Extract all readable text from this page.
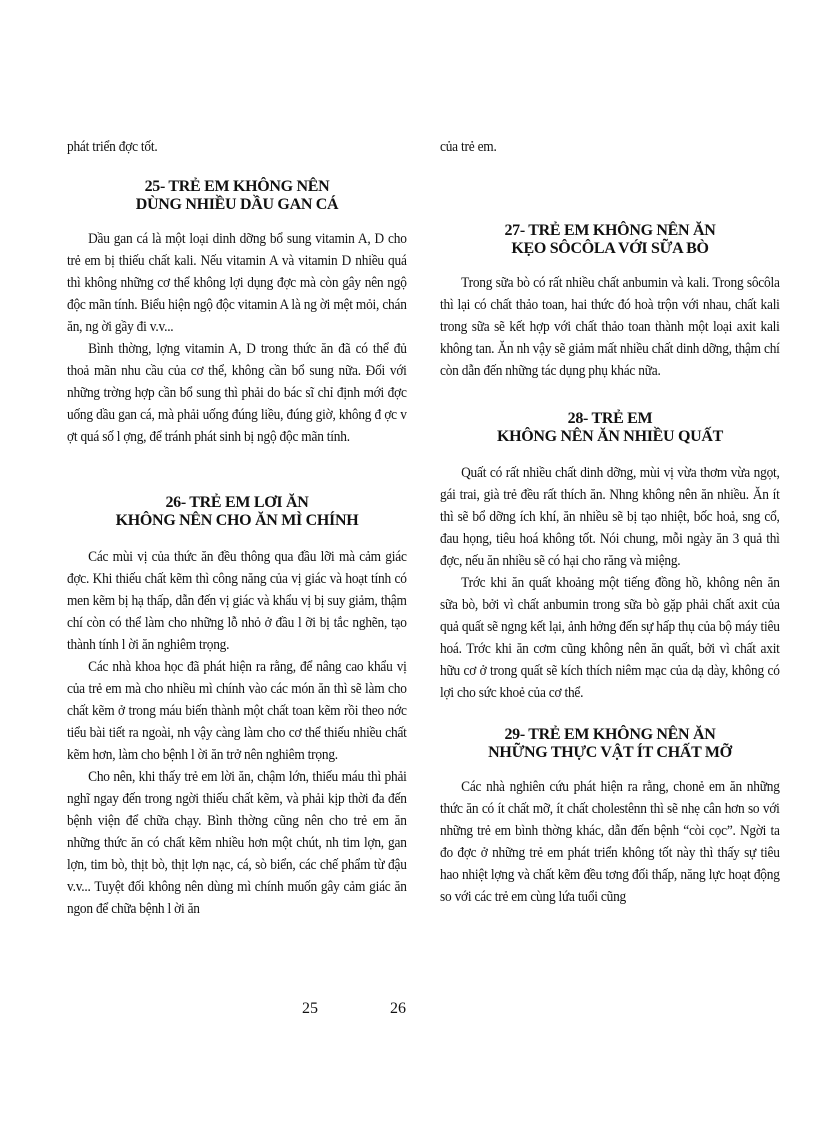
phát triển đợc tốt.

25- TRẺ EM KHÔNG NÊN
DÙNG NHIỀU DẦU GAN CÁ

Dầu gan cá là một loại dinh dỡng bổ sung vitamin A, D cho trẻ em bị thiếu chất kali. Nếu vitamin A và vitamin D nhiều quá thì không những cơ thể không lợi dụng đợc mà còn gây nên ngộ độc mãn tính. Biểu hiện ngộ độc vitamin A là ng ời mệt mỏi, chán ăn, ng ời gầy đi v.v...

Bình thờng, lợng vitamin A, D trong thức ăn đã có thể đủ thoả mãn nhu cầu của cơ thể, không cần bổ sung nữa. Đối với những trờng hợp cần bổ sung thì phải do bác sĩ chỉ định mới đợc uống dầu gan cá, mà phải uống đúng liều, đúng giờ, không đ ợc v ợt quá số l ợng, để tránh phát sinh bị ngộ độc mãn tính.

26- TRẺ EM LƠI ĂN
KHÔNG NÊN CHO ĂN MÌ CHÍNH

Các mùi vị của thức ăn đều thông qua đầu lỡi mà cảm giác đợc. Khi thiếu chất kẽm thì công năng của vị giác và hoạt tính có men kẽm bị hạ thấp, dẫn đến vị giác và khẩu vị bị suy giảm, thậm chí còn có thể làm cho những lỗ nhỏ ở đầu l ỡi bị tắc nghẽn, tạo thành tính l ời ăn nghiêm trọng.

Các nhà khoa học đã phát hiện ra rằng, để nâng cao khẩu vị của trẻ em mà cho nhiều mì chính vào các món ăn thì sẽ làm cho chất kẽm ở trong máu biến thành một chất toan kẽm rồi theo nớc tiểu bài tiết ra ngoài, nh vậy càng làm cho cơ thể thiếu nhiều chất kẽm hơn, làm cho bệnh l ời ăn trở nên nghiêm trọng.

Cho nên, khi thấy trẻ em lời ăn, chậm lớn, thiếu máu thì phải nghĩ ngay đến trong ngời thiếu chất kẽm, và phải kịp thời đa đến bệnh viện để chữa chạy. Bình thờng cũng nên cho trẻ em ăn những thức ăn có chất kẽm nhiều hơn một chút, nh tim lợn, gan lợn, tim bò, thịt bò, thịt lợn nạc, cá, sò biển, các chế phẩm từ đậu v.v... Tuyệt đối không nên dùng mì chính muốn gây cảm giác ăn ngon để chữa bệnh l ời ăn

của trẻ em.

27- TRẺ EM KHÔNG NÊN ĂN
KẸO SÔCÔLA VỚI SỮA BÒ

Trong sữa bò có rất nhiều chất anbumin và kali. Trong sôcôla thì lại có chất thảo toan, hai thức đó hoà trộn với nhau, chất kali trong sữa sẽ kết hợp với chất thảo toan thành một loại axit kali không tan. Ăn nh vậy sẽ giảm mất nhiều chất dinh dỡng, thậm chí còn dẫn đến những tác dụng phụ khác nữa.

28- TRẺ EM
KHÔNG NÊN ĂN NHIỀU QUẤT

Quất có rất nhiều chất dinh dỡng, mùi vị vừa thơm vừa ngọt, gái trai, già trẻ đều rất thích ăn. Nhng không nên ăn nhiều. Ăn ít thì sẽ bổ dỡng ích khí, ăn nhiều sẽ bị tạo nhiệt, bốc hoả, sng cổ, đau họng, tiêu hoá không tốt. Nói chung, mỗi ngày ăn 3 quả thì đợc, nếu ăn nhiều sẽ có hại cho răng và miệng.

Trớc khi ăn quất khoảng một tiếng đồng hồ, không nên ăn sữa bò, bởi vì chất anbumin trong sữa bò gặp phải chất axit của quả quất sẽ ngng kết lại, ảnh hởng đến sự hấp thụ của bộ máy tiêu hoá. Trớc khi ăn cơm cũng không nên ăn quất, bởi vì chất axit hữu cơ ở trong quất sẽ kích thích niêm mạc của dạ dày, không có lợi cho sức khoẻ của cơ thể.

29- TRẺ EM KHÔNG NÊN ĂN
NHỮNG THỰC VẬT ÍT CHẤT MỠ

Các nhà nghiên cứu phát hiện ra rằng, chonẻ em ăn những thức ăn có ít chất mỡ, ít chất cholestênn thì sẽ nhẹ cân hơn so với những trẻ em bình thờng khác, dẫn đến bệnh “còi cọc”. Ngời ta đo đợc ở những trẻ em phát triển không tốt này thì thấy sự tiêu hao nhiệt lợng và chất kẽm đều tơng đối thấp, năng lực hoạt động so với các trẻ em cùng lứa tuổi cũng

25	26
